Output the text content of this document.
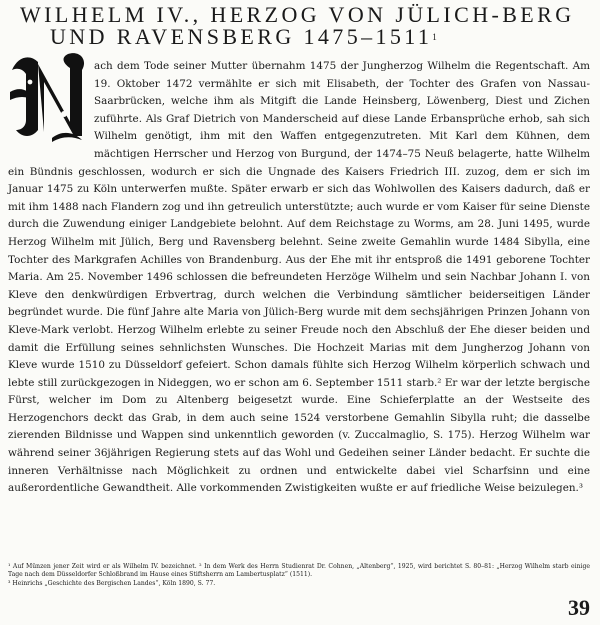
WILHELM IV., HERZOG VON JÜLICH-BERG
UND RAVENSBERG 1475–1511$^1$

ach dem Tode seiner Mutter übernahm 1475 der Jungherzog Wilhelm die Regentschaft. Am 19. Oktober 1472 vermählte er sich mit Elisabeth, der Tochter des Grafen von Nassau-Saarbrücken, welche ihm als Mitgift die Lande Heinsberg, Löwenberg, Diest und Zichen zuführte. Als Graf Dietrich von Manderscheid auf diese Lande Erbansprüche erhob, sah sich Wilhelm genötigt, ihm mit den Waffen entgegenzutreten. Mit Karl dem Kühnen, dem mächtigen Herrscher und Herzog von Burgund, der 1474–75 Neuß belagerte, hatte Wilhelm ein Bündnis geschlossen, wodurch er sich die Ungnade des Kaisers Friedrich III. zuzog, dem er sich im Januar 1475 zu Köln unterwerfen mußte. Später erwarb er sich das Wohlwollen des Kaisers dadurch, daß er mit ihm 1488 nach Flandern zog und ihn getreulich unterstützte; auch wurde er vom Kaiser für seine Dienste durch die Zuwendung einiger Landgebiete belohnt. Auf dem Reichstage zu Worms, am 28. Juni 1495, wurde Herzog Wilhelm mit Jülich, Berg und Ravensberg belehnt. Seine zweite Gemahlin wurde 1484 Sibylla, eine Tochter des Markgrafen Achilles von Brandenburg. Aus der Ehe mit ihr entsproß die 1491 geborene Tochter Maria. Am 25. November 1496 schlossen die befreundeten Herzöge Wilhelm und sein Nachbar Johann I. von Kleve den denkwürdigen Erbvertrag, durch welchen die Verbindung sämtlicher beiderseitigen Länder begründet wurde. Die fünf Jahre alte Maria von Jülich-Berg wurde mit dem sechsjährigen Prinzen Johann von Kleve-Mark verlobt. Herzog Wilhelm erlebte zu seiner Freude noch den Abschluß der Ehe dieser beiden und damit die Erfüllung seines sehnlichsten Wunsches. Die Hochzeit Marias mit dem Jungherzog Johann von Kleve wurde 1510 zu Düsseldorf gefeiert. Schon damals fühlte sich Herzog Wilhelm körperlich schwach und lebte still zurückgezogen in Nideggen, wo er schon am 6. September 1511 starb.² Er war der letzte bergische Fürst, welcher im Dom zu Altenberg beigesetzt wurde. Eine Schieferplatte an der Westseite des Herzogenchors deckt das Grab, in dem auch seine 1524 verstorbene Gemahlin Sibylla ruht; die dasselbe zierenden Bildnisse und Wappen sind unkenntlich geworden (v. Zuccalmaglio, S. 175). Herzog Wilhelm war während seiner 36jährigen Regierung stets auf das Wohl und Gedeihen seiner Länder bedacht. Er suchte die inneren Verhältnisse nach Möglichkeit zu ordnen und entwickelte dabei viel Scharfsinn und eine außerordentliche Gewandtheit. Alle vorkommenden Zwistigkeiten wußte er auf friedliche Weise beizulegen.³

¹ Auf Münzen jener Zeit wird er als Wilhelm IV. bezeichnet. ² In dem Werk des Herrn Studienrat Dr. Cohnen, „Altenberg“, 1925, wird berichtet S. 80–81: „Herzog Wilhelm starb einige Tage nach dem Düsseldorfer Schloßbrand im Hause eines Stiftsherrn am Lambertusplatz“ (1511).

³ Heinrichs „Geschichte des Bergischen Landes“, Köln 1890, S. 77.

39
